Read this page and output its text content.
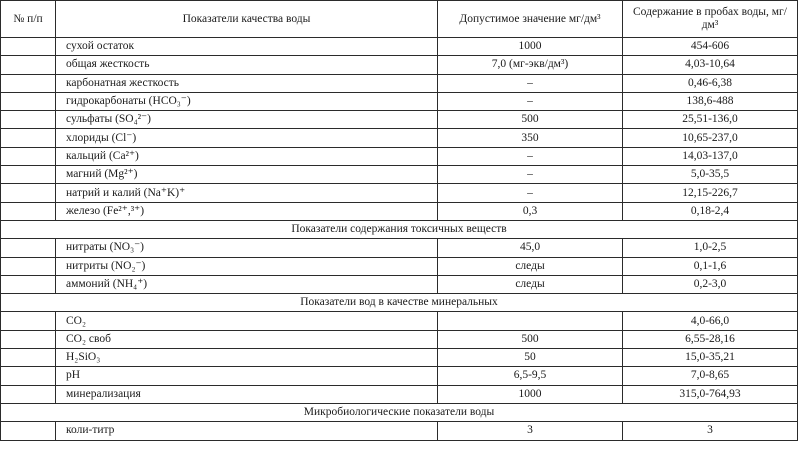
№ п/п	Показатели качества воды	Допустимое значение мг/дм³	Содержание в пробах воды, мг/дм³
	сухой остаток	1000	454-606
	общая жесткость	7,0 (мг-экв/дм³)	4,03-10,64
	карбонатная жесткость	–	0,46-6,38
	гидрокарбонаты (HCO₃⁻)	–	138,6-488
	сульфаты (SO₄²⁻)	500	25,51-136,0
	хлориды (Cl⁻)	350	10,65-237,0
	кальций (Ca²⁺)	–	14,03-137,0
	магний (Mg²⁺)	–	5,0-35,5
	натрий и калий (Na⁺K)⁺	–	12,15-226,7
	железо (Fe²⁺,³⁺)	0,3	0,18-2,4
Показатели содержания токсичных веществ			
	нитраты (NO₃⁻)	45,0	1,0-2,5
	нитриты (NO₂⁻)	следы	0,1-1,6
	аммоний (NH₄⁺)	следы	0,2-3,0
Показатели вод в качестве минеральных			
	CO₂		4,0-66,0
	CO₂ своб	500	6,55-28,16
	H₂SiO₃	50	15,0-35,21
	pH	6,5-9,5	7,0-8,65
	минерализация	1000	315,0-764,93
Микробиологические показатели воды			
	коли-титр	3	3
